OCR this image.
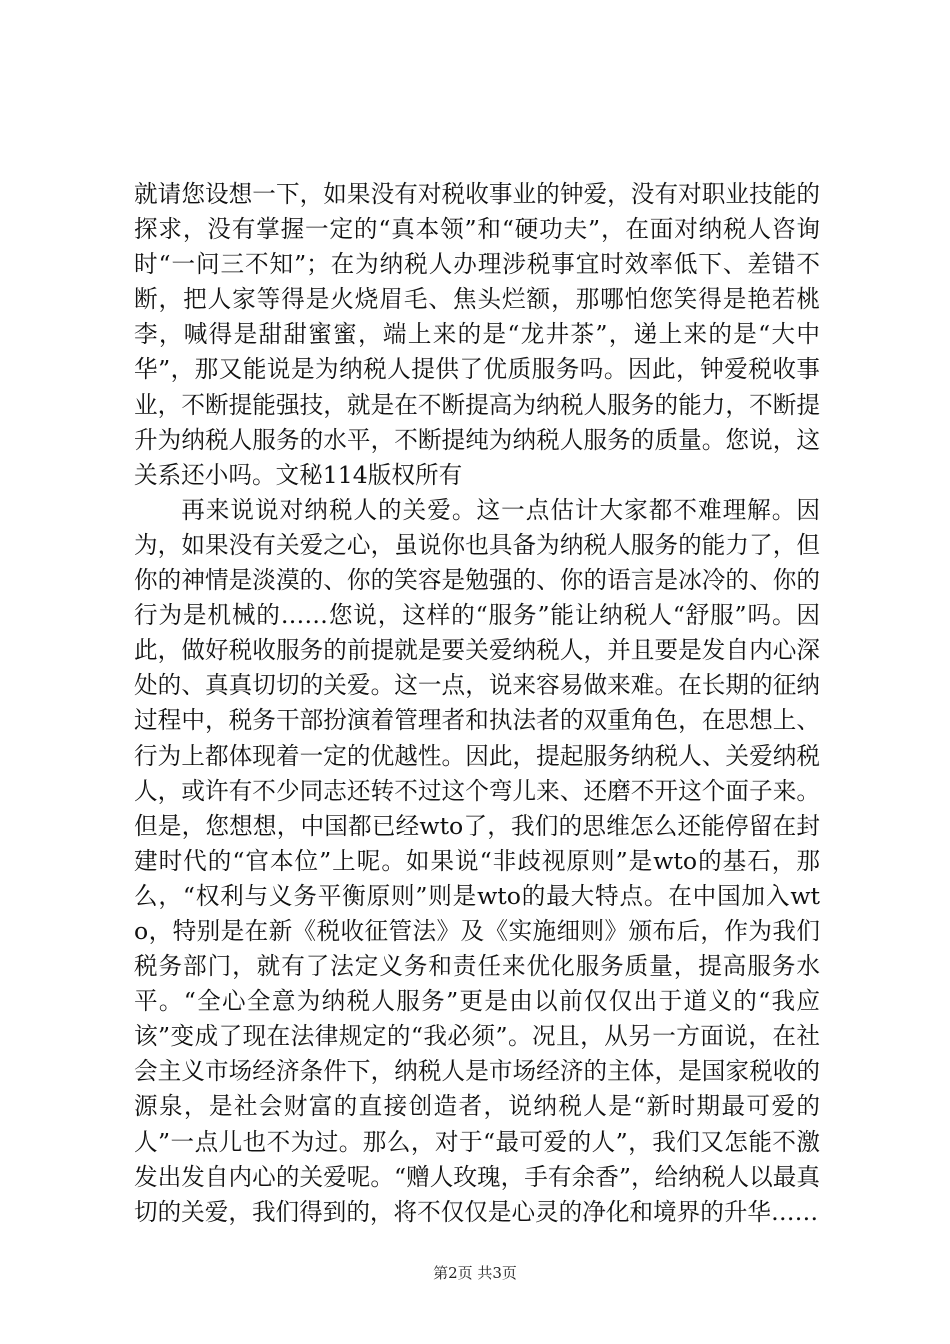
就请您设想一下，如果没有对税收事业的钟爱，没有对职业技能的探求，没有掌握一定的“真本领”和“硬功夫”，在面对纳税人咨询时“一问三不知”；在为纳税人办理涉税事宜时效率低下、差错不断，把人家等得是火烧眉毛、焦头烂额，那哪怕您笑得是艳若桃李，喊得是甜甜蜜蜜，端上来的是“龙井茶”，递上来的是“大中华”，那又能说是为纳税人提供了优质服务吗。因此，钟爱税收事业，不断提能强技，就是在不断提高为纳税人服务的能力，不断提升为纳税人服务的水平，不断提纯为纳税人服务的质量。您说，这关系还小吗。文秘114版权所有

再来说说对纳税人的关爱。这一点估计大家都不难理解。因为，如果没有关爱之心，虽说你也具备为纳税人服务的能力了，但你的神情是淡漠的、你的笑容是勉强的、你的语言是冰冷的、你的行为是机械的……您说，这样的“服务”能让纳税人“舒服”吗。因此，做好税收服务的前提就是要关爱纳税人，并且要是发自内心深处的、真真切切的关爱。这一点，说来容易做来难。在长期的征纳过程中，税务干部扮演着管理者和执法者的双重角色，在思想上、行为上都体现着一定的优越性。因此，提起服务纳税人、关爱纳税人，或许有不少同志还转不过这个弯儿来、还磨不开这个面子来。但是，您想想，中国都已经wto了，我们的思维怎么还能停留在封建时代的“官本位”上呢。如果说“非歧视原则”是wto的基石，那么，“权利与义务平衡原则”则是wto的最大特点。在中国加入wto，特别是在新《税收征管法》及《实施细则》颁布后，作为我们税务部门，就有了法定义务和责任来优化服务质量，提高服务水平。“全心全意为纳税人服务”更是由以前仅仅出于道义的“我应该”变成了现在法律规定的“我必须”。况且，从另一方面说，在社会主义市场经济条件下，纳税人是市场经济的主体，是国家税收的源泉，是社会财富的直接创造者，说纳税人是“新时期最可爱的人”一点儿也不为过。那么，对于“最可爱的人”，我们又怎能不激发出发自内心的关爱呢。“赠人玫瑰，手有余香”，给纳税人以最真切的关爱，我们得到的，将不仅仅是心灵的净化和境界的升华……

第2页 共3页
